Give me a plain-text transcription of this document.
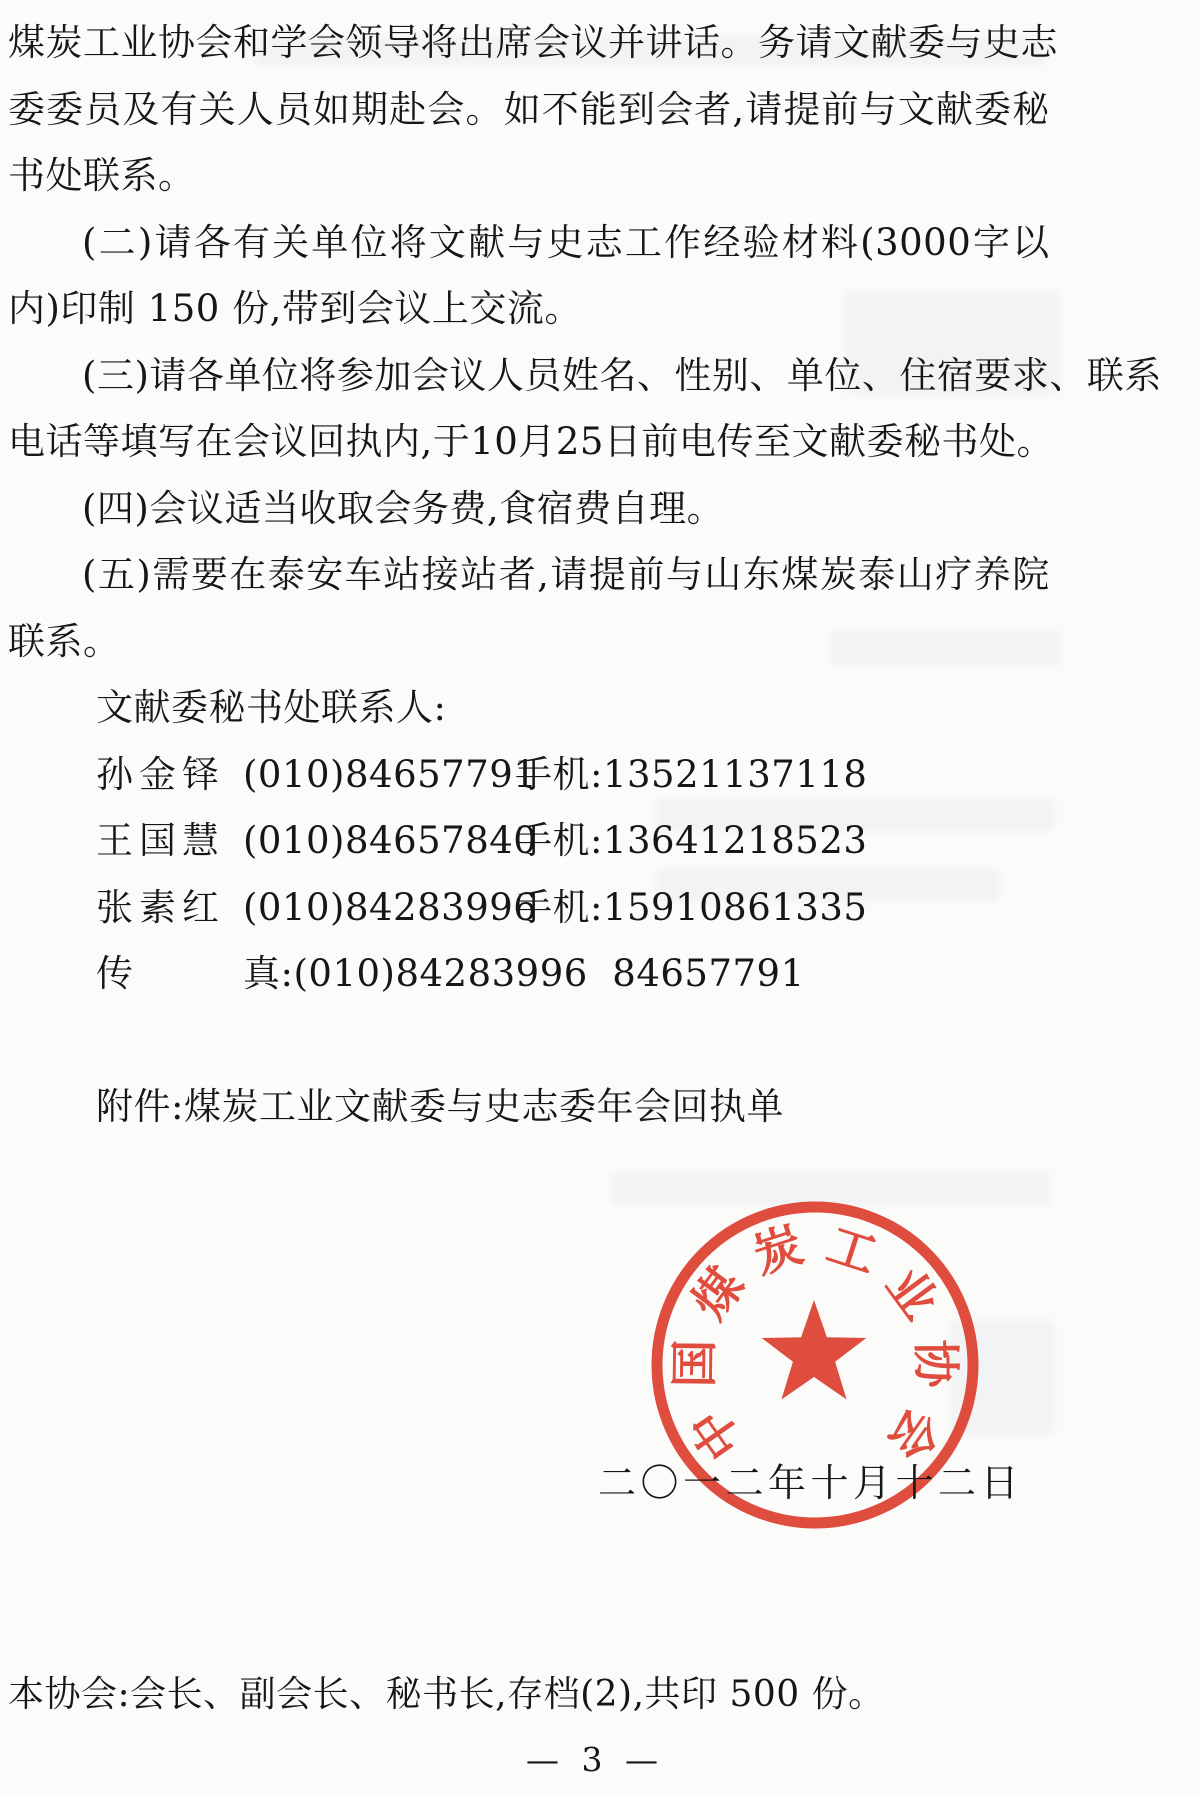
煤 炭 工 业 协 会 和 学 会 领 导 将 出 席 会 议 并 讲 话 。 务 请 文 献 委 与 史 志
委 委 员 及 有 关 人 员 如 期 赴 会 。 如 不 能 到 会 者 , 请 提 前 与 文 献 委 秘
书处联系。
( 二 ) 请 各 有 关 单 位 将 文 献 与 史 志 工 作 经 验 材 料 (3000 字 以
内)印制 150 份,带到会议上交流。
( 三 ) 请 各 单 位 将 参 加 会 议 人 员 姓 名 、 性 别 、 单 位 、 住 宿 要 求 、 联 系
电 话 等 填 写 在 会 议 回 执 内 , 于 10 月 25 日 前 电 传 至 文 献 委 秘 书 处 。
(四)会议适当收取会务费,食宿费自理。
( 五 ) 需 要 在 泰 安 车 站 接 站 者 , 请 提 前 与 山 东 煤 炭 泰 山 疗 养 院
联系。
文献委秘书处联系人:
孙金铎 (010)84657791
手机:13521137118
王国慧 (010)84657840
手机:13641218523
张素红 (010)84283996
手机:15910861335
传	真:(010)84283996  84657791
附件:煤炭工业文献委与史志委年会回执单
中
国
煤
炭 工
业
协
会
二〇一二年十月十二日
本协会:会长、副会长、秘书长,存档(2),共印 500 份。
— 3 —
